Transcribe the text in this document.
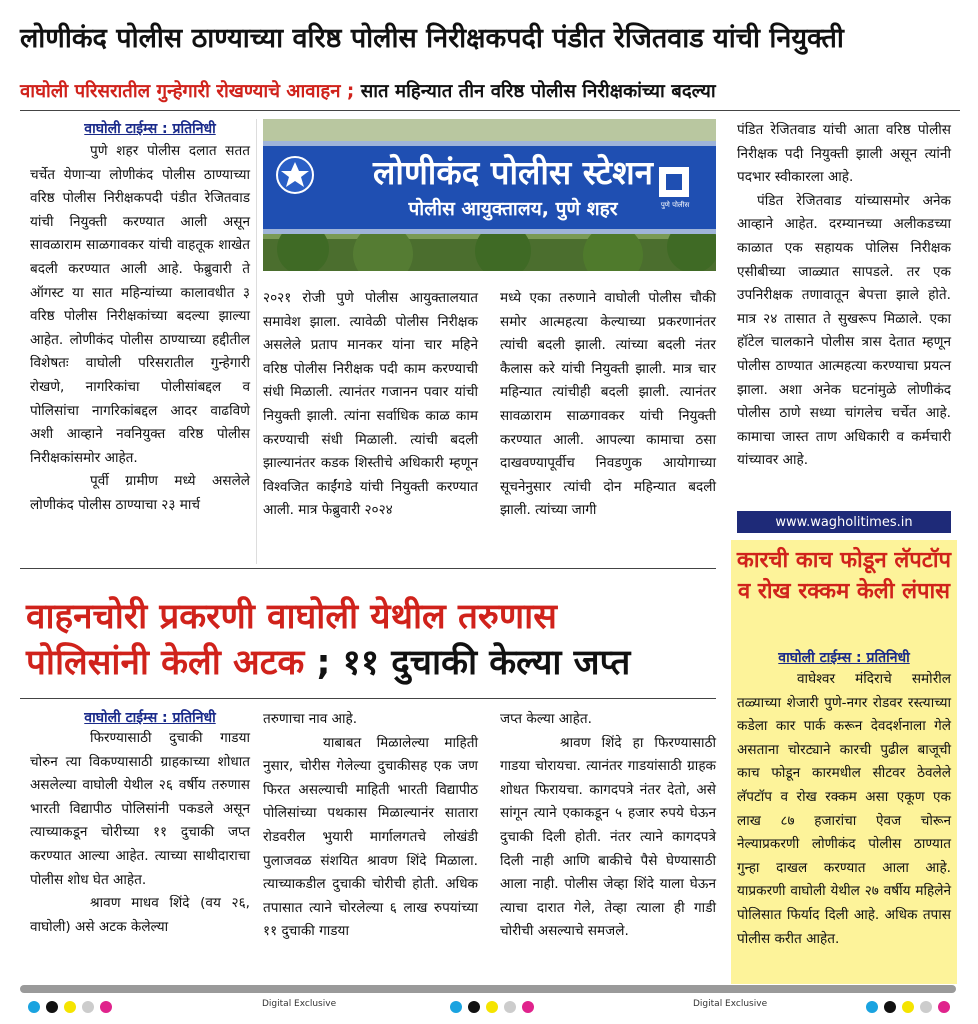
लोणीकंद पोलीस ठाण्याच्या वरिष्ठ पोलीस निरीक्षकपदी पंडीत रेजितवाड यांची नियुक्ती
वाघोली परिसरातील गुन्हेगारी रोखण्याचे आवाहन ; सात महिन्यात तीन वरिष्ठ पोलीस निरीक्षकांच्या बदल्या
वाघोली टाईम्स : प्रतिनिधी

पुणे शहर पोलीस दलात सतत चर्चेत येणाऱ्या लोणीकंद पोलीस ठाण्याच्या वरिष्ठ पोलीस निरीक्षकपदी पंडीत रेजितवाड यांची नियुक्ती करण्यात आली असून सावळाराम साळगावकर यांची वाहतूक शाखेत बदली करण्यात आली आहे. फेब्रुवारी ते ऑगस्ट या सात महिन्यांच्या कालावधीत ३ वरिष्ठ पोलीस निरीक्षकांच्या बदल्या झाल्या आहेत. लोणीकंद पोलीस ठाण्याच्या हद्दीतील विशेषतः वाघोली परिसरातील गुन्हेगारी रोखणे, नागरिकांचा पोलीसांबद्दल व पोलिसांचा नागरिकांबद्दल आदर वाढविणे अशी आव्हाने नवनियुक्त वरिष्ठ पोलीस निरीक्षकांसमोर आहेत.

पूर्वी ग्रामीण मध्ये असलेले लोणीकंद पोलीस ठाण्याचा २३ मार्च

लोणीकंद पोलीस स्टेशन
पोलीस आयुक्तालय, पुणे शहर	पुणे पोलीस

२०२१ रोजी पुणे पोलीस आयुक्तालयात समावेश झाला. त्यावेळी पोलीस निरीक्षक असलेले प्रताप मानकर यांना चार महिने वरिष्ठ पोलीस निरीक्षक पदी काम करण्याची संधी मिळाली. त्यानंतर गजानन पवार यांची नियुक्ती झाली. त्यांना सर्वाधिक काळ काम करण्याची संधी मिळाली. त्यांची बदली झाल्यानंतर कडक शिस्तीचे अधिकारी म्हणून विश्वजित काईंगडे यांची नियुक्ती करण्यात आली. मात्र फेब्रुवारी २०२४

मध्ये एका तरुणाने वाघोली पोलीस चौकी समोर आत्महत्या केल्याच्या प्रकरणानंतर त्यांची बदली झाली. त्यांच्या बदली नंतर कैलास करे यांची नियुक्ती झाली. मात्र चार महिन्यात त्यांचीही बदली झाली. त्यानंतर सावळाराम साळगावकर यांची नियुक्ती करण्यात आली. आपल्या कामाचा ठसा दाखवण्यापूर्वीच निवडणुक आयोगाच्या सूचनेनुसार त्यांची दोन महिन्यात बदली झाली. त्यांच्या जागी

पंडित रेजितवाड यांची आता वरिष्ठ पोलीस निरीक्षक पदी नियुक्ती झाली असून त्यांनी पदभार स्वीकारला आहे.

पंडित रेजितवाड यांच्यासमोर अनेक आव्हाने आहेत. दरम्यानच्या अलीकडच्या काळात एक सहायक पोलिस निरीक्षक एसीबीच्या जाळ्यात सापडले. तर एक उपनिरीक्षक तणावातून बेपत्ता झाले होते. मात्र २४ तासात ते सुखरूप मिळाले. एका हॉटेल चालकाने पोलीस त्रास देतात म्हणून पोलीस ठाण्यात आत्महत्या करण्याचा प्रयत्न झाला. अशा अनेक घटनांमुळे लोणीकंद पोलीस ठाणे सध्या चांगलेच चर्चेत आहे. कामाचा जास्त ताण अधिकारी व कर्मचारी यांच्यावर आहे.

www.wagholitimes.in
कारची काच फोडून लॅपटॉप व रोख रक्कम केली लंपास
वाघोली टाईम्स : प्रतिनिधी

वाघेश्वर मंदिराचे समोरील तळ्याच्या शेजारी पुणे-नगर रोडवर रस्त्याच्या कडेला कार पार्क करून देवदर्शनाला गेले असताना चोरट्याने कारची पुढील बाजूची काच फोडून कारमधील सीटवर ठेवलेले लॅपटॉप व रोख रक्कम असा एकूण एक लाख ८७ हजारांचा ऐवज चोरून नेल्याप्रकरणी लोणीकंद पोलीस ठाण्यात गुन्हा दाखल करण्यात आला आहे. याप्रकरणी वाघोली येथील २७ वर्षीय महिलेने पोलिसात फिर्याद दिली आहे. अधिक तपास पोलीस करीत आहेत.

वाहनचोरी प्रकरणी वाघोली येथील तरुणास
पोलिसांनी केली अटक ; ११ दुचाकी केल्या जप्त
वाघोली टाईम्स : प्रतिनिधी

फिरण्यासाठी दुचाकी गाडया चोरुन त्या विकण्यासाठी ग्राहकाच्या शोधात असलेल्या वाघोली येथील २६ वर्षीय तरुणास भारती विद्यापीठ पोलिसांनी पकडले असून त्याच्याकडून चोरीच्या ११ दुचाकी जप्त करण्यात आल्या आहेत. त्याच्या साथीदाराचा पोलीस शोध घेत आहेत.

श्रावण माधव शिंदे (वय २६, वाघोली) असे अटक केलेल्या

तरुणाचा नाव आहे.

याबाबत मिळालेल्या माहिती नुसार, चोरीस गेलेल्या दुचाकीसह एक जण फिरत असल्याची माहिती भारती विद्यापीठ पोलिसांच्या पथकास मिळाल्यानंर सातारा रोडवरील भुयारी मार्गालगतचे लोखंडी पुलाजवळ संशयित श्रावण शिंदे मिळाला. त्याच्याकडील दुचाकी चोरीची होती. अधिक तपासात त्याने चोरलेल्या ६ लाख रुपयांच्या ११ दुचाकी गाडया

जप्त केल्या आहेत.

श्रावण शिंदे हा फिरण्यासाठी गाडया चोरायचा. त्यानंतर गाडयांसाठी ग्राहक शोधत फिरायचा. कागदपत्रे नंतर देतो, असे सांगून त्याने एकाकडून ५ हजार रुपये घेऊन दुचाकी दिली होती. नंतर त्याने कागदपत्रे दिली नाही आणि बाकीचे पैसे घेण्यासाठी आला नाही. पोलीस जेव्हा शिंदे याला घेऊन त्याचा दारात गेले, तेव्हा त्याला ही गाडी चोरीची असल्याचे समजले.

Digital Exclusive	Digital Exclusive
